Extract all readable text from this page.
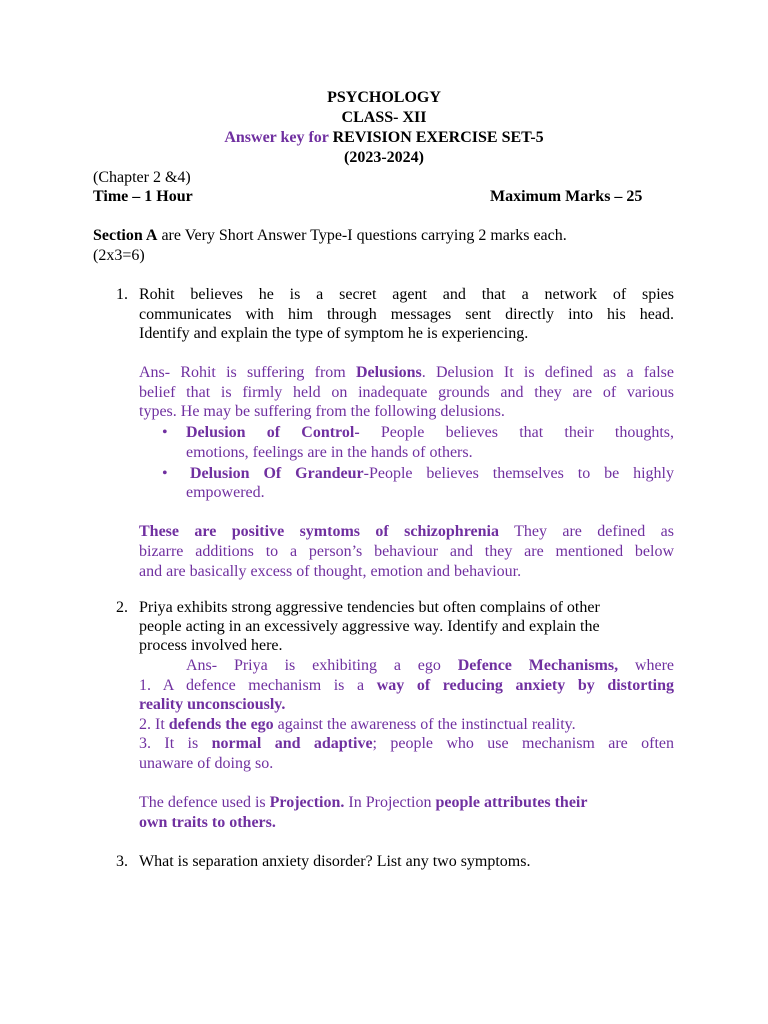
PSYCHOLOGY
CLASS- XII
Answer key for REVISION EXERCISE SET-5
(2023-2024)
(Chapter 2 &4)
Time – 1 Hour	Maximum Marks – 25
Section A are Very Short Answer Type-I questions carrying 2 marks each.
(2x3=6)
1. Rohit believes he is a secret agent and that a network of spies
communicates with him through messages sent directly into his head.
Identify and explain the type of symptom he is experiencing.
Ans- Rohit is suffering from Delusions. Delusion It is defined as a false
belief that is firmly held on inadequate grounds and they are of various
types. He may be suffering from the following delusions.
• Delusion of Control- People believes that their thoughts,
emotions, feelings are in the hands of others.
• Delusion Of Grandeur-People believes themselves to be highly
empowered.
These are positive symtoms of schizophrenia They are defined as
bizarre additions to a person’s behaviour and they are mentioned below
and are basically excess of thought, emotion and behaviour.
2. Priya exhibits strong aggressive tendencies but often complains of other
people acting in an excessively aggressive way. Identify and explain the
process involved here.
Ans- Priya is exhibiting a ego Defence Mechanisms, where
1. A defence mechanism is a way of reducing anxiety by distorting
reality unconsciously.
2. It defends the ego against the awareness of the instinctual reality.
3. It is normal and adaptive; people who use mechanism are often
unaware of doing so.
The defence used is Projection. In Projection people attributes their
own traits to others.
3. What is separation anxiety disorder? List any two symptoms.
